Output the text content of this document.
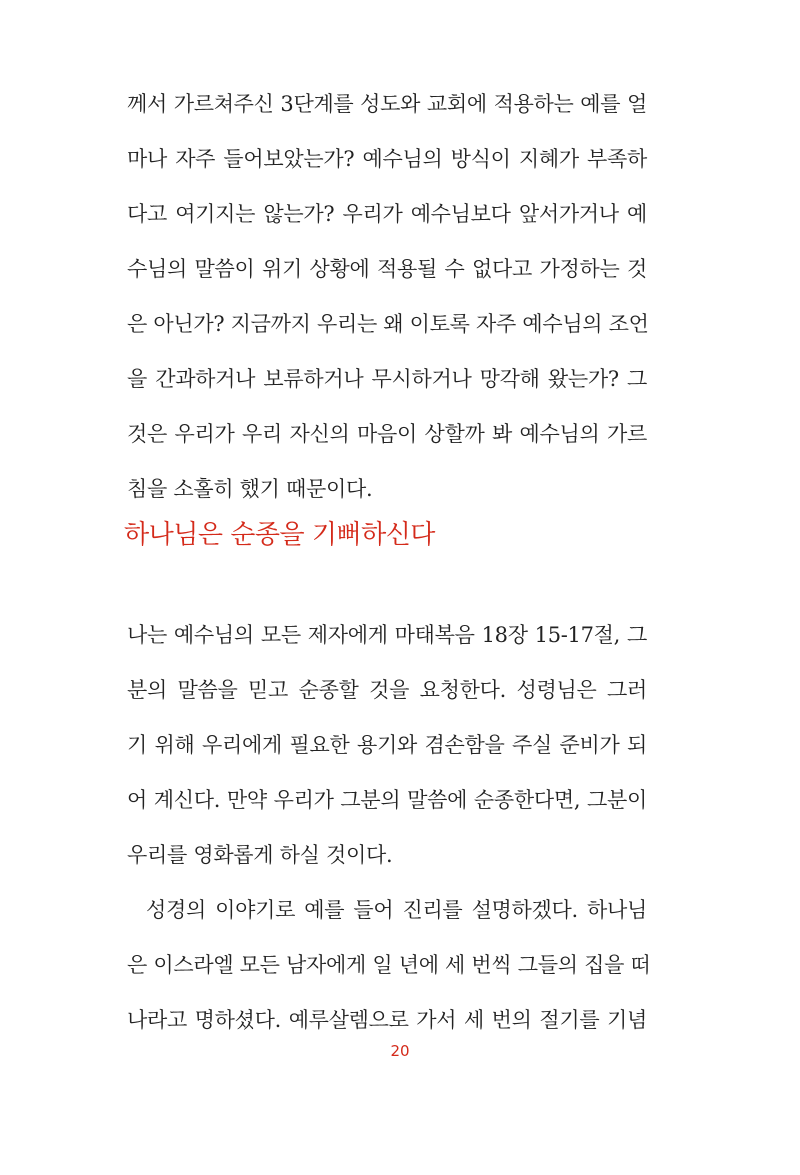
께서 가르쳐주신 3단계를 성도와 교회에 적용하는 예를 얼
마나 자주 들어보았는가? 예수님의 방식이 지혜가 부족하
다고 여기지는 않는가? 우리가 예수님보다 앞서가거나 예
수님의 말씀이 위기 상황에 적용될 수 없다고 가정하는 것
은 아닌가? 지금까지 우리는 왜 이토록 자주 예수님의 조언
을 간과하거나 보류하거나 무시하거나 망각해 왔는가? 그
것은 우리가 우리 자신의 마음이 상할까 봐 예수님의 가르
침을 소홀히 했기 때문이다.
하나님은 순종을 기뻐하신다
나는 예수님의 모든 제자에게 마태복음 18장 15-17절, 그
분의 말씀을 믿고 순종할 것을 요청한다. 성령님은 그러
기 위해 우리에게 필요한 용기와 겸손함을 주실 준비가 되
어 계신다. 만약 우리가 그분의 말씀에 순종한다면, 그분이
우리를 영화롭게 하실 것이다.
성경의 이야기로 예를 들어 진리를 설명하겠다. 하나님
은 이스라엘 모든 남자에게 일 년에 세 번씩 그들의 집을 떠
나라고 명하셨다. 예루살렘으로 가서 세 번의 절기를 기념
20
